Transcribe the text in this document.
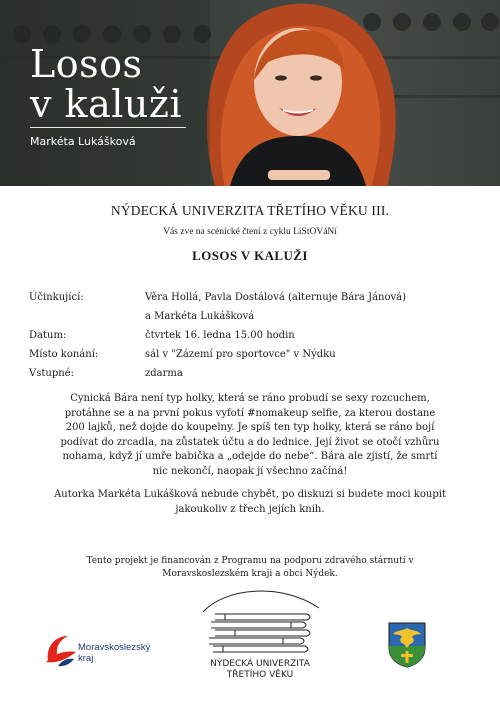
Losos
v kaluži
Markéta Lukášková
NÝDECKÁ UNIVERZITA TŘETÍHO VĚKU III.
Vás zve na scénické čtení z cyklu LiStOVáNí
LOSOS V KALUŽI
Účinkující:	Věra Hollá, Pavla Dostálová (alternuje Bára Jánová)
a Markéta Lukášková
Datum:	čtvrtek 16. ledna 15.00 hodin
Místo konání:	sál v "Zázemí pro sportovce" v Nýdku
Vstupné:	zdarma

Cynická Bára není typ holky, která se ráno probudí se sexy rozcuchem,
protáhne se a na první pokus vyfotí #nomakeup selfie, za kterou dostane
200 lajků, než dojde do koupelny. Je spíš ten typ holky, která se ráno bojí
podívat do zrcadla, na zůstatek účtu a do lednice. Její život se otočí vzhůru
nohama, když jí umře babička a „odejde do nebe“. Bára ale zjistí, že smrtí
nic nekončí, naopak jí všechno začíná!

Autorka Markéta Lukášková nebude chybět, po diskuzi si budete moci koupit
jakoukoliv z třech jejích knih.

Tento projekt je financován z Programu na podporu zdravého stárnutí v
Moravskoslezském kraji a obci Nýdek.

Moravskoslezský
kraj	NÝDECKÁ UNIVERZITA
TŘETÍHO VĚKU
